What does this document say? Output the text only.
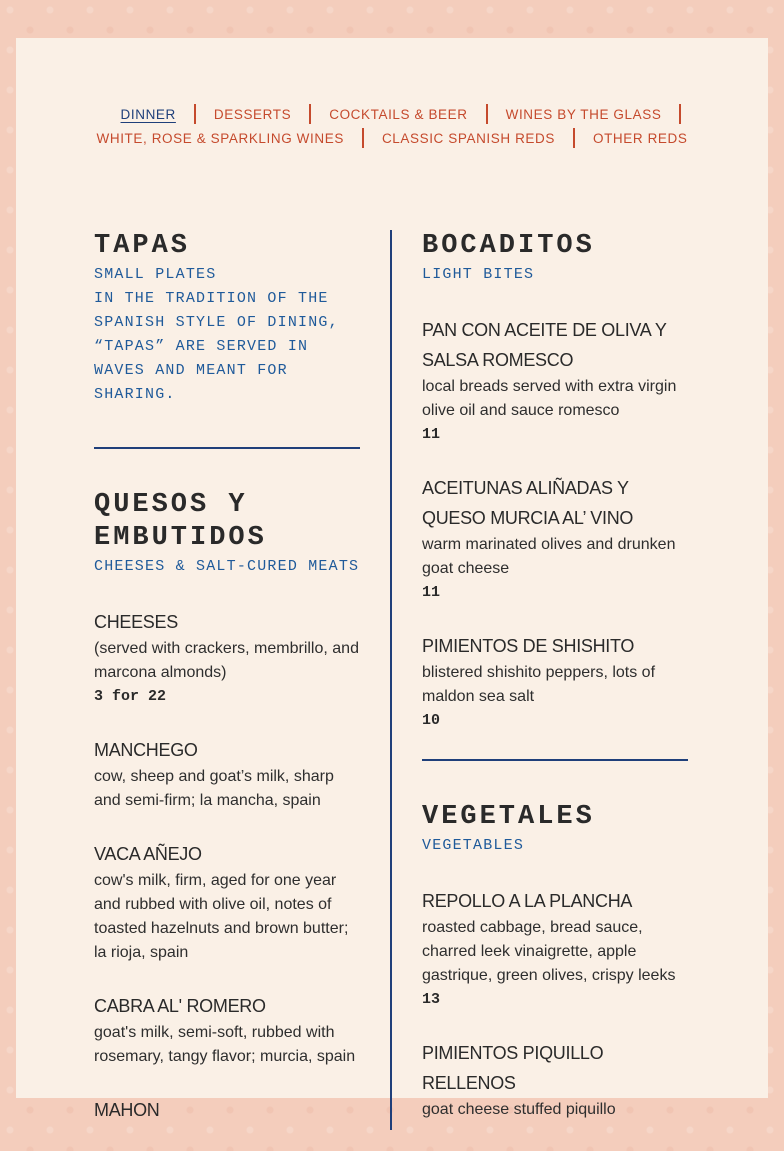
DINNER	DESSERTS	COCKTAILS & BEER	WINES BY THE GLASS
WHITE, ROSE & SPARKLING WINES	CLASSIC SPANISH REDS	OTHER REDS
TAPAS
SMALL PLATES
IN THE TRADITION OF THE SPANISH STYLE OF DINING, “TAPAS” ARE SERVED IN WAVES AND MEANT FOR SHARING.
QUESOS Y EMBUTIDOS
CHEESES & SALT-CURED MEATS
CHEESES
(served with crackers, membrillo, and marcona almonds)
3 for 22
MANCHEGO
cow, sheep and goat’s milk, sharp and semi-firm; la mancha, spain
VACA AÑEJO
cow's milk, firm, aged for one year and rubbed with olive oil, notes of toasted hazelnuts and brown butter; la rioja, spain
CABRA AL' ROMERO
goat's milk, semi-soft, rubbed with rosemary, tangy flavor; murcia, spain
MAHON
BOCADITOS
LIGHT BITES
PAN CON ACEITE DE OLIVA Y SALSA ROMESCO
local breads served with extra virgin olive oil and sauce romesco
11
ACEITUNAS ALIÑADAS Y QUESO MURCIA AL’ VINO
warm marinated olives and drunken goat cheese
11
PIMIENTOS DE SHISHITO
blistered shishito peppers, lots of maldon sea salt
10
VEGETALES
VEGETABLES
REPOLLO A LA PLANCHA
roasted cabbage, bread sauce, charred leek vinaigrette, apple gastrique, green olives, crispy leeks
13
PIMIENTOS PIQUILLO RELLENOS
goat cheese stuffed piquillo
